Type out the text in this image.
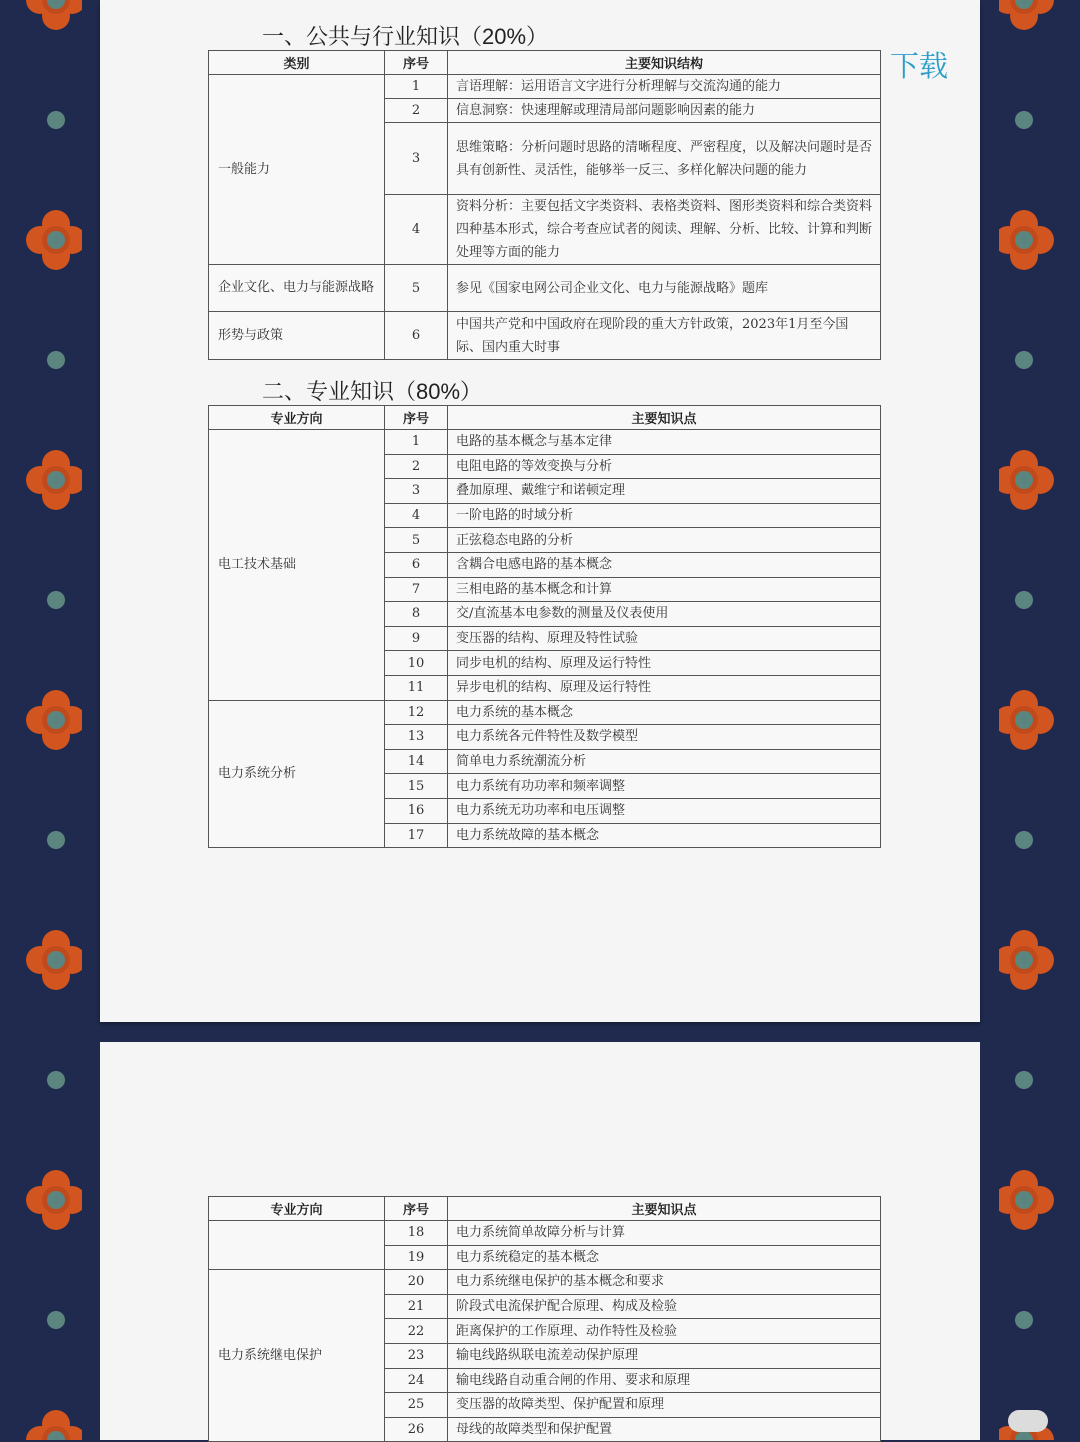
一、公共与行业知识（20%）
类别	序号	主要知识结构
一般能力	1	言语理解：运用语言文字进行分析理解与交流沟通的能力
	2	信息洞察：快速理解或理清局部问题影响因素的能力
	3	思维策略：分析问题时思路的清晰程度、严密程度，以及解决问题时是否具有创新性、灵活性，能够举一反三、多样化解决问题的能力
	4	资料分析：主要包括文字类资料、表格类资料、图形类资料和综合类资料四种基本形式，综合考查应试者的阅读、理解、分析、比较、计算和判断处理等方面的能力
企业文化、电力与能源战略	5	参见《国家电网公司企业文化、电力与能源战略》题库
形势与政策	6	中国共产党和中国政府在现阶段的重大方针政策，2023年1月至今国际、国内重大时事
二、专业知识（80%）
专业方向	序号	主要知识点
电工技术基础	1	电路的基本概念与基本定律
	2	电阻电路的等效变换与分析
	3	叠加原理、戴维宁和诺顿定理
	4	一阶电路的时域分析
	5	正弦稳态电路的分析
	6	含耦合电感电路的基本概念
	7	三相电路的基本概念和计算
	8	交/直流基本电参数的测量及仪表使用
	9	变压器的结构、原理及特性试验
	10	同步电机的结构、原理及运行特性
	11	异步电机的结构、原理及运行特性
电力系统分析	12	电力系统的基本概念
	13	电力系统各元件特性及数学模型
	14	简单电力系统潮流分析
	15	电力系统有功功率和频率调整
	16	电力系统无功功率和电压调整
	17	电力系统故障的基本概念
下载
专业方向	序号	主要知识点
	18	电力系统简单故障分析与计算
	19	电力系统稳定的基本概念
电力系统继电保护	20	电力系统继电保护的基本概念和要求
	21	阶段式电流保护配合原理、构成及检验
	22	距离保护的工作原理、动作特性及检验
	23	输电线路纵联电流差动保护原理
	24	输电线路自动重合闸的作用、要求和原理
	25	变压器的故障类型、保护配置和原理
	26	母线的故障类型和保护配置
